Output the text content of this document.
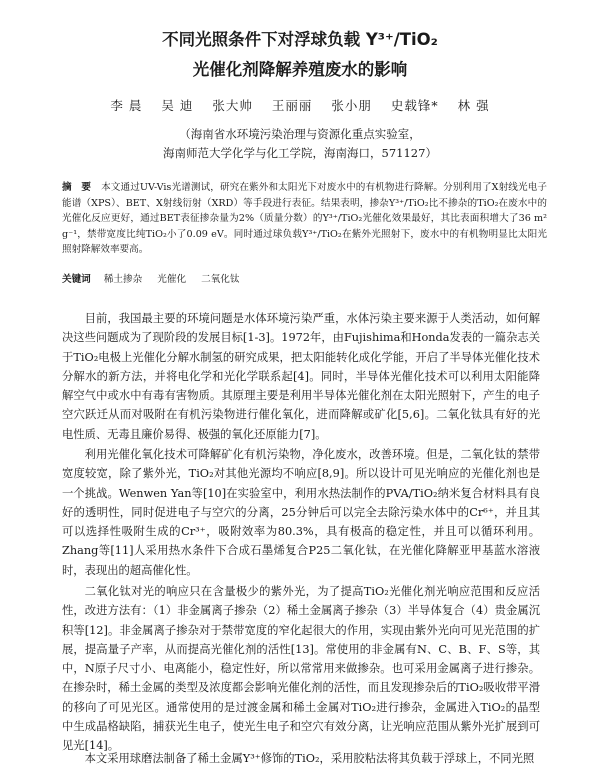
不同光照条件下对浮球负载 Y³⁺/TiO₂
光催化剂降解养殖废水的影响
李 晨 吴 迪 张大帅 王丽丽 张小朋 史载锋* 林 强
（海南省水环境污染治理与资源化重点实验室，
海南师范大学化学与化工学院，海南海口，571127）
摘　要 本文通过UV-Vis光谱测试，研究在紫外和太阳光下对废水中的有机物进行降解。分别利用了X射线光电子能谱（XPS）、BET、X射线衍射（XRD）等手段进行表征。结果表明，掺杂Y³⁺/TiO₂比不掺杂的TiO₂在废水中的光催化反应更好，通过BET表征掺杂量为2%（质量分数）的Y³⁺/TiO₂光催化效果最好，其比表面积增大了36 m² g⁻¹，禁带宽度比纯TiO₂小了0.09 eV。同时通过球负载Y³⁺/TiO₂在紫外光照射下，废水中的有机物明显比太阳光照射降解效率要高。
关键词 稀土掺杂 光催化 二氧化钛

目前，我国最主要的环境问题是水体环境污染严重，水体污染主要来源于人类活动，如何解决这些问题成为了现阶段的发展目标[1-3]。1972年，由Fujishima和Honda发表的一篇杂志关于TiO₂电极上光催化分解水制氢的研究成果，把太阳能转化成化学能，开启了半导体光催化技术分解水的新方法，并将电化学和光化学联系起[4]。同时，半导体光催化技术可以利用太阳能降解空气中或水中有毒有害物质。其原理主要是利用半导体光催化剂在太阳光照射下，产生的电子空穴跃迁从而对吸附在有机污染物进行催化氧化，进而降解或矿化[5,6]。二氧化钛具有好的光电性质、无毒且廉价易得、极强的氧化还原能力[7]。

利用光催化氧化技术可降解矿化有机污染物，净化废水，改善环境。但是，二氧化钛的禁带宽度较宽，除了紫外光，TiO₂对其他光源均不响应[8,9]。所以设计可见光响应的光催化剂也是一个挑战。Wenwen Yan等[10]在实验室中，利用水热法制作的PVA/TiO₂纳米复合材料具有良好的透明性，同时促进电子与空穴的分离，25分钟后可以完全去除污染水体中的Cr⁶⁺，并且其可以选择性吸附生成的Cr³⁺，吸附效率为80.3%，具有极高的稳定性，并且可以循环利用。Zhang等[11]人采用热水条件下合成石墨烯复合P25二氧化钛，在光催化降解亚甲基蓝水溶液时，表现出的超高催化性。

二氧化钛对光的响应只在含量极少的紫外光，为了提高TiO₂光催化剂光响应范围和反应活性，改进方法有：（1）非金属离子掺杂（2）稀土金属离子掺杂（3）半导体复合（4）贵金属沉积等[12]。非金属离子掺杂对于禁带宽度的窄化起很大的作用，实现由紫外光向可见光范围的扩展，提高量子产率，从而提高光催化剂的活性[13]。常使用的非金属有N、C、B、F、S等，其中，N原子尺寸小、电离能小，稳定性好，所以常常用来做掺杂。也可采用金属离子进行掺杂。在掺杂时，稀土金属的类型及浓度都会影响光催化剂的活性，而且发现掺杂后的TiO₂吸收带平滑的移向了可见光区。通常使用的是过渡金属和稀土金属对TiO₂进行掺杂，金属进入TiO₂的晶型中生成晶格缺陷，捕获光生电子，使光生电子和空穴有效分离，让光响应范围从紫外光扩展到可见光[14]。

本文采用球磨法制备了稀土金属Y³⁺修饰的TiO₂，采用胶粘法将其负载于浮球上，不同光照
